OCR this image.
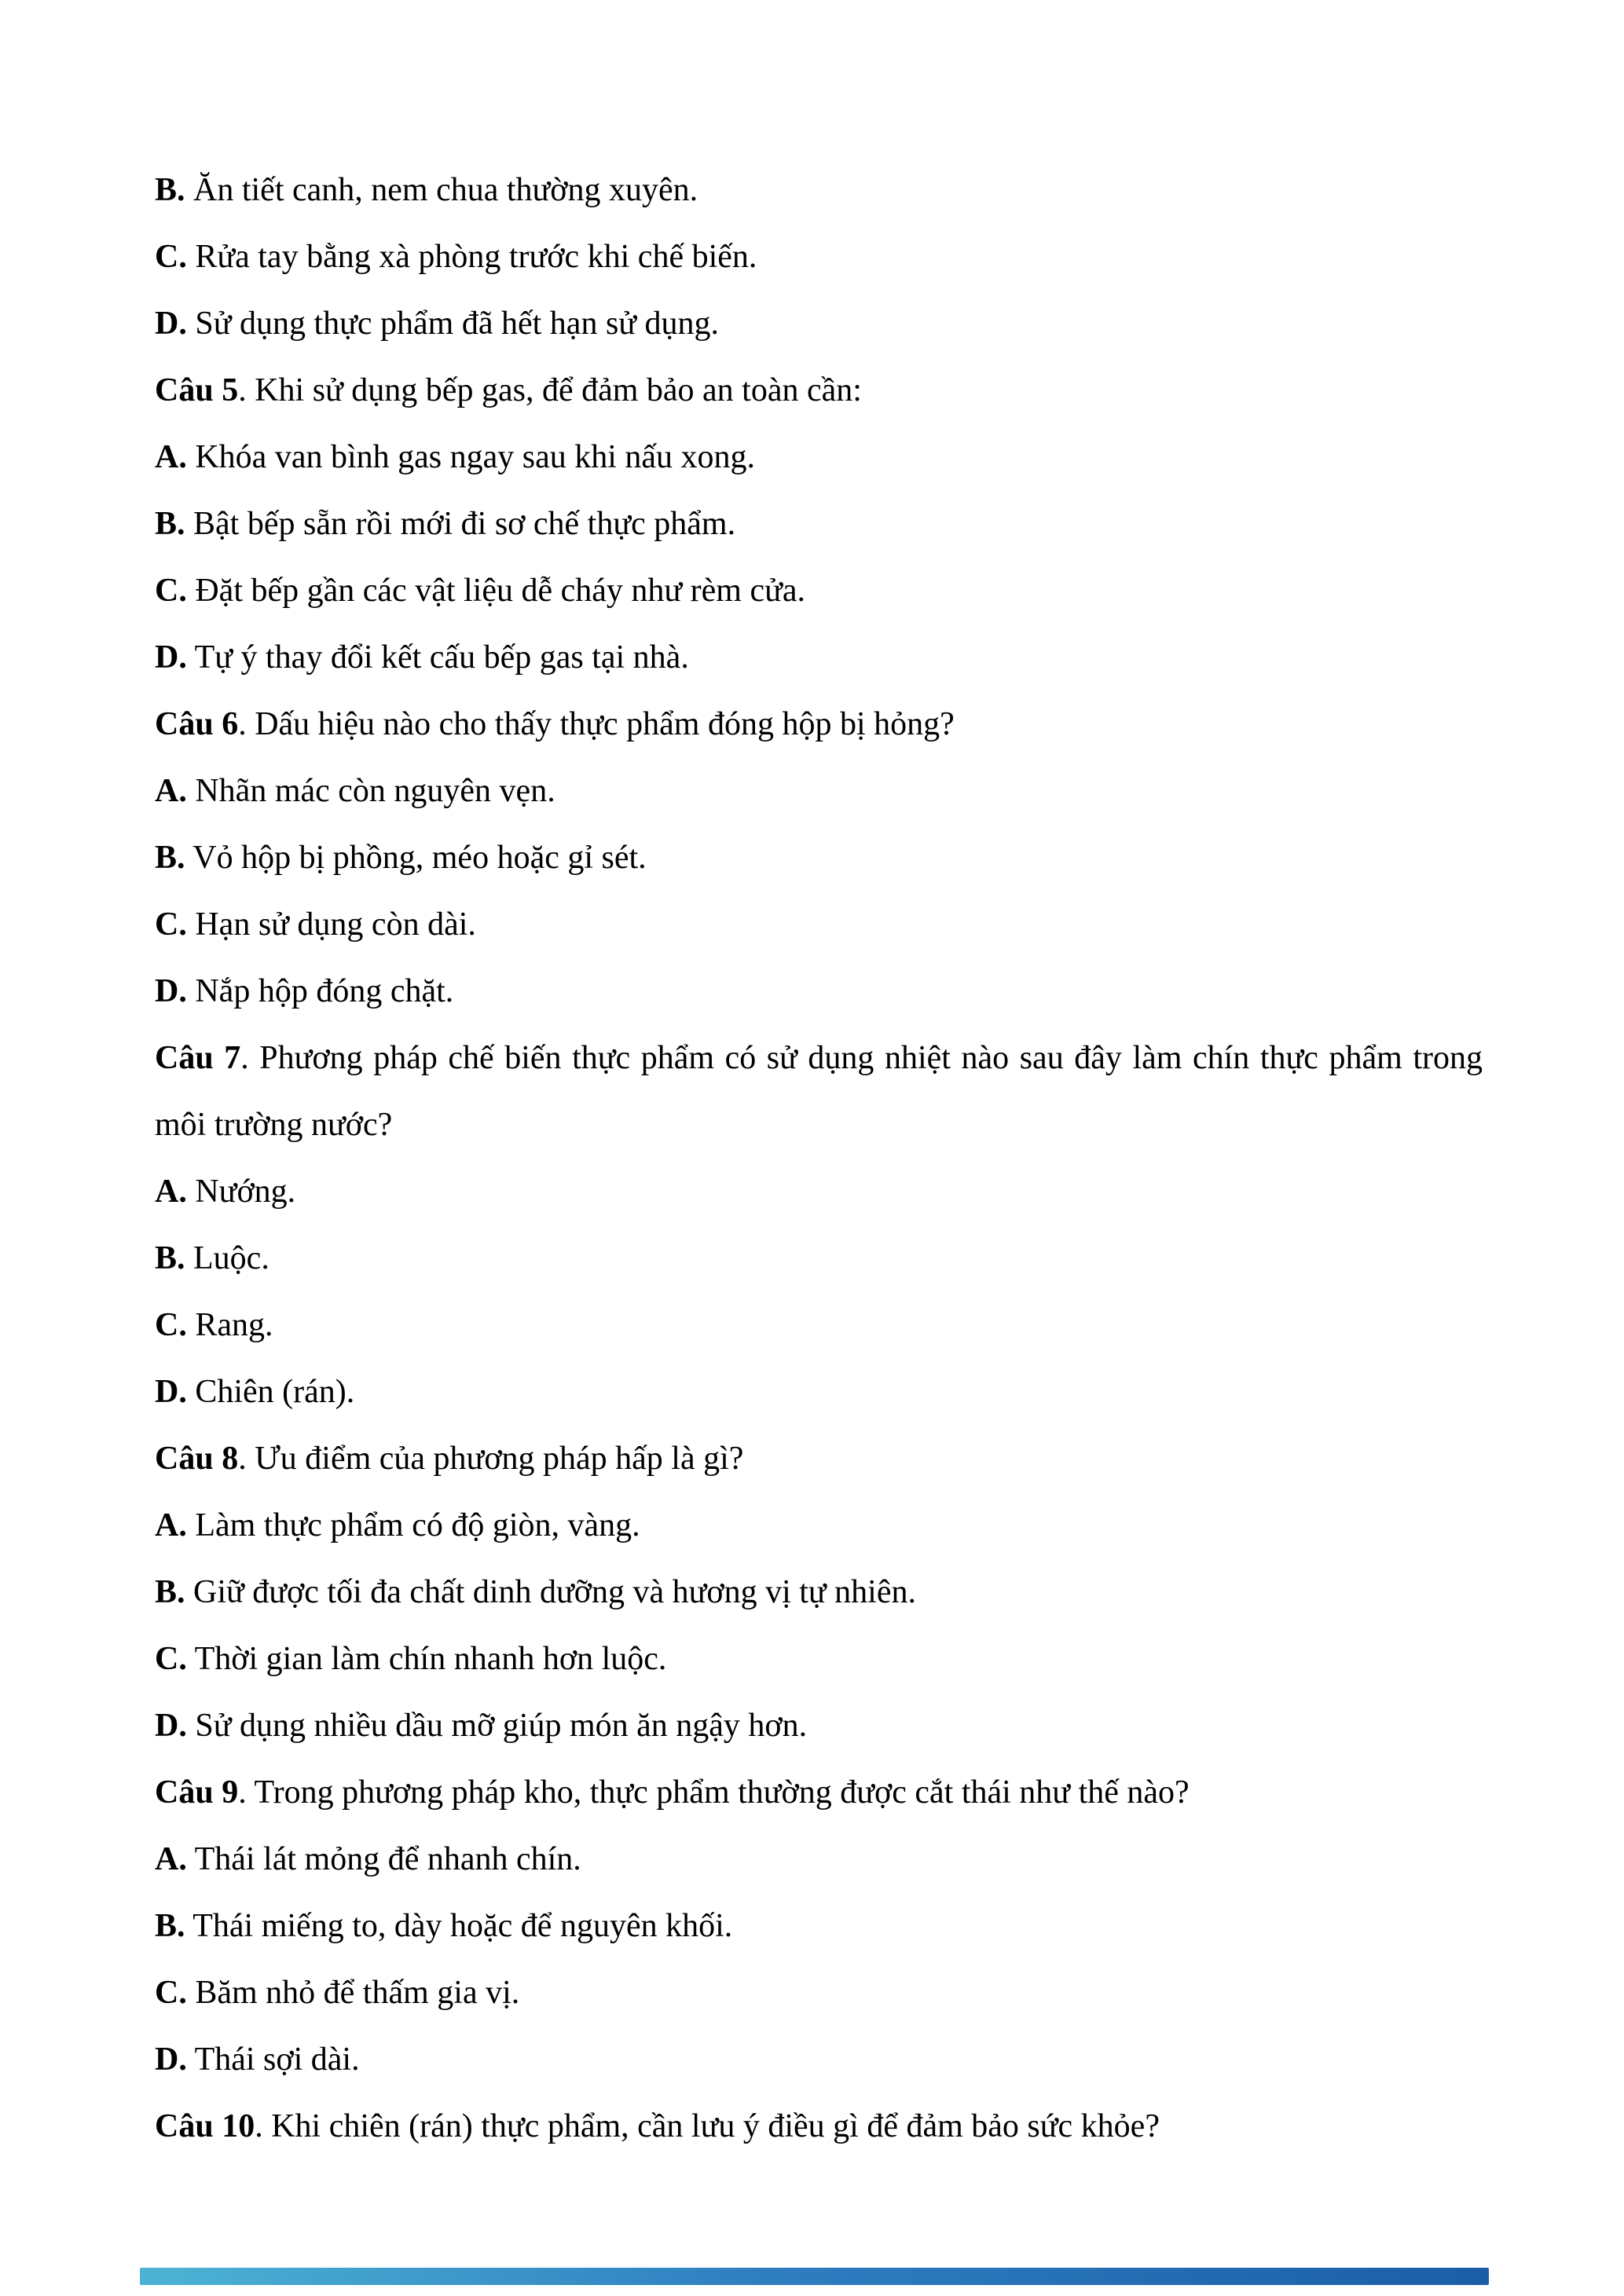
B. Ăn tiết canh, nem chua thường xuyên.

C. Rửa tay bằng xà phòng trước khi chế biến.

D. Sử dụng thực phẩm đã hết hạn sử dụng.

Câu 5. Khi sử dụng bếp gas, để đảm bảo an toàn cần:

A. Khóa van bình gas ngay sau khi nấu xong.

B. Bật bếp sẵn rồi mới đi sơ chế thực phẩm.

C. Đặt bếp gần các vật liệu dễ cháy như rèm cửa.

D. Tự ý thay đổi kết cấu bếp gas tại nhà.

Câu 6. Dấu hiệu nào cho thấy thực phẩm đóng hộp bị hỏng?

A. Nhãn mác còn nguyên vẹn.

B. Vỏ hộp bị phồng, méo hoặc gỉ sét.

C. Hạn sử dụng còn dài.

D. Nắp hộp đóng chặt.

Câu 7. Phương pháp chế biến thực phẩm có sử dụng nhiệt nào sau đây làm chín thực phẩm trong môi trường nước?

A. Nướng.

B. Luộc.

C. Rang.

D. Chiên (rán).

Câu 8. Ưu điểm của phương pháp hấp là gì?

A. Làm thực phẩm có độ giòn, vàng.

B. Giữ được tối đa chất dinh dưỡng và hương vị tự nhiên.

C. Thời gian làm chín nhanh hơn luộc.

D. Sử dụng nhiều dầu mỡ giúp món ăn ngậy hơn.

Câu 9. Trong phương pháp kho, thực phẩm thường được cắt thái như thế nào?

A. Thái lát mỏng để nhanh chín.

B. Thái miếng to, dày hoặc để nguyên khối.

C. Băm nhỏ để thấm gia vị.

D. Thái sợi dài.

Câu 10. Khi chiên (rán) thực phẩm, cần lưu ý điều gì để đảm bảo sức khỏe?
